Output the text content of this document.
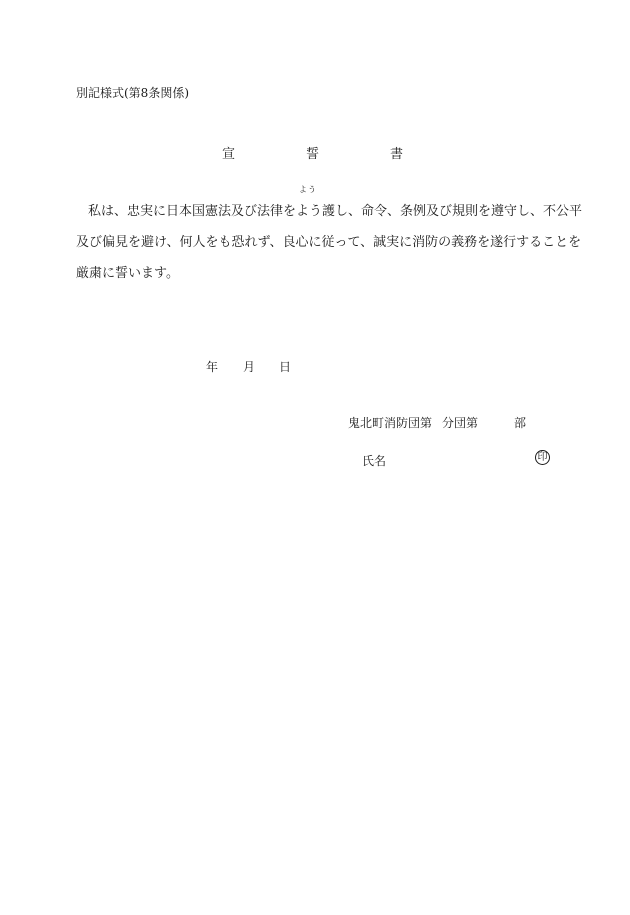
別記様式(第8条関係)
宣	誓	書
私は、忠実に日本国憲法及び法律を
よう
よう護し、命令、条例及び規則を遵守し、不公平
及び偏見を避け、何人をも恐れず、良心に従って、誠実に消防の義務を遂行することを
厳粛に誓います。
年 月 日
鬼北町消防団第 分団第	部
氏名	印
